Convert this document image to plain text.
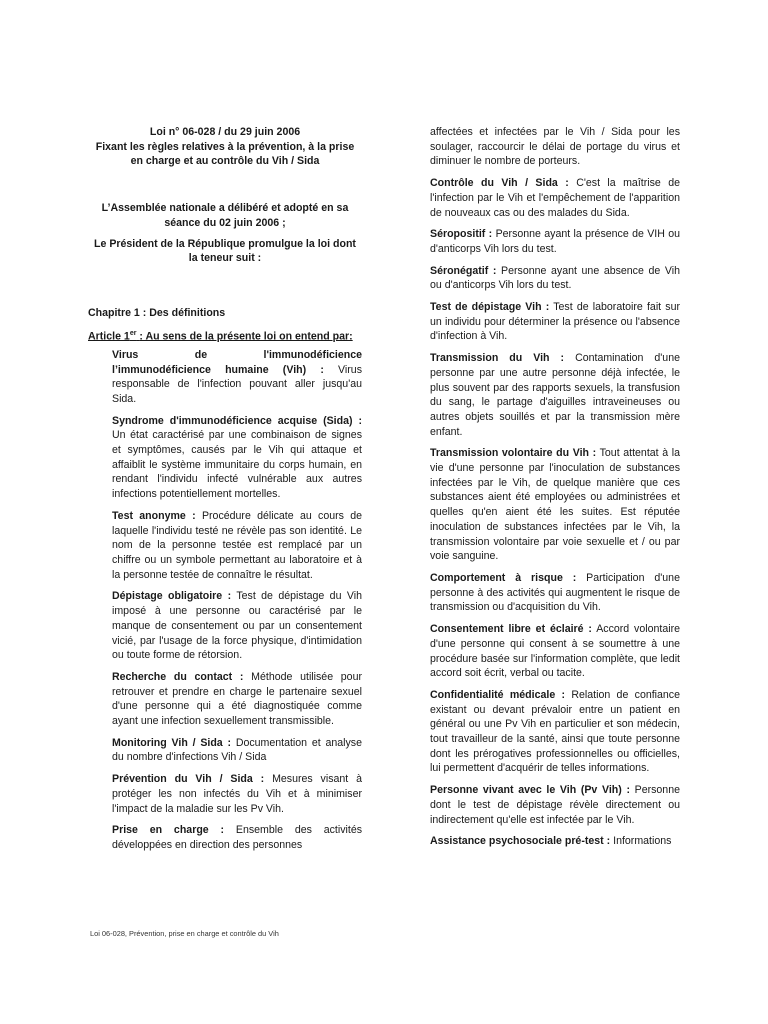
Loi n° 06-028 / du 29 juin 2006
Fixant les règles relatives à la prévention, à la prise
en charge et au contrôle du Vih / Sida
L’Assemblée nationale a délibéré et adopté en sa
séance du 02 juin 2006 ;
Le Président de la République promulgue la loi dont
la teneur suit :
Chapitre 1 : Des définitions
Article 1er : Au sens de la présente loi on entend par:
Virus de l'immunodéficience
l’immunodéficience humaine (Vih) : Virus responsable de l'infection pouvant aller jusqu'au Sida.
Syndrome d'immunodéficience acquise (Sida) : Un état caractérisé par une combinaison de signes et symptômes, causés par le Vih qui attaque et affaiblit le système immunitaire du corps humain, en rendant l'individu infecté vulnérable aux autres infections potentiellement mortelles.
Test anonyme : Procédure délicate au cours de laquelle l'individu testé ne révèle pas son identité. Le nom de la personne testée est remplacé par un chiffre ou un symbole permettant au laboratoire et à la personne testée de connaître le résultat.
Dépistage obligatoire : Test de dépistage du Vih imposé à une personne ou caractérisé par le manque de consentement ou par un consentement vicié, par l'usage de la force physique, d'intimidation ou toute forme de rétorsion.
Recherche du contact : Méthode utilisée pour retrouver et prendre en charge le partenaire sexuel d'une personne qui a été diagnostiquée comme ayant une infection sexuellement transmissible.
Monitoring Vih / Sida : Documentation et analyse du nombre d'infections Vih / Sida
Prévention du Vih / Sida : Mesures visant à protéger les non infectés du Vih et à minimiser l'impact de la maladie sur les Pv Vih.
Prise en charge : Ensemble des activités développées en direction des personnes
affectées et infectées par le Vih / Sida pour les soulager, raccourcir le délai de portage du virus et diminuer le nombre de porteurs.
Contrôle du Vih / Sida : C'est la maîtrise de l'infection par le Vih et l'empêchement de l'apparition de nouveaux cas ou des malades du Sida.
Séropositif : Personne ayant la présence de VIH ou d'anticorps Vih lors du test.
Séronégatif : Personne ayant une absence de Vih ou d'anticorps Vih lors du test.
Test de dépistage Vih : Test de laboratoire fait sur un individu pour déterminer la présence ou l'absence d'infection à Vih.
Transmission du Vih : Contamination d'une personne par une autre personne déjà infectée, le plus souvent par des rapports sexuels, la transfusion du sang, le partage d'aiguilles intraveineuses ou autres objets souillés et par la transmission mère enfant.
Transmission volontaire du Vih : Tout attentat à la vie d'une personne par l'inoculation de substances infectées par le Vih, de quelque manière que ces substances aient été employées ou administrées et quelles qu'en aient été les suites. Est réputée inoculation de substances infectées par le Vih, la transmission volontaire par voie sexuelle et / ou par voie sanguine.
Comportement à risque : Participation d'une personne à des activités qui augmentent le risque de transmission ou d'acquisition du Vih.
Consentement libre et éclairé : Accord volontaire d'une personne qui consent à se soumettre à une procédure basée sur l'information complète, que ledit accord soit écrit, verbal ou tacite.
Confidentialité médicale : Relation de confiance existant ou devant prévaloir entre un patient en général ou une Pv Vih en particulier et son médecin, tout travailleur de la santé, ainsi que toute personne dont les prérogatives professionnelles ou officielles, lui permettent d'acquérir de telles informations.
Personne vivant avec le Vih (Pv Vih) : Personne dont le test de dépistage révèle directement ou indirectement qu'elle est infectée par le Vih.
Assistance psychosociale pré-test : Informations
Loi 06-028, Prévention, prise en charge et contrôle du Vih
